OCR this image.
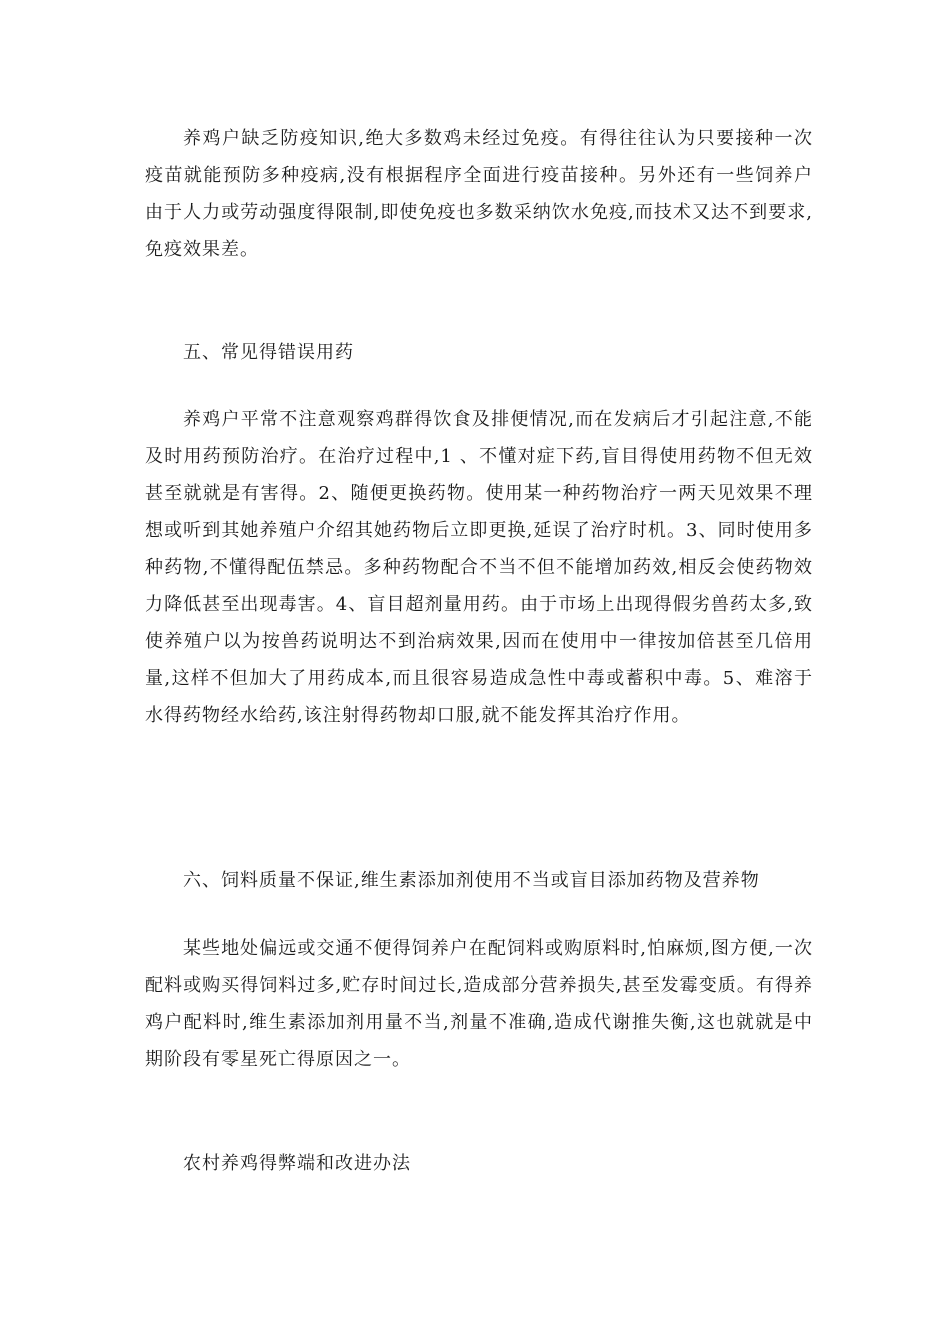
养鸡户缺乏防疫知识,绝大多数鸡未经过免疫。有得往往认为只要接种一次疫苗就能预防多种疫病,没有根据程序全面进行疫苗接种。另外还有一些饲养户由于人力或劳动强度得限制,即使免疫也多数采纳饮水免疫,而技术又达不到要求,免疫效果差。

五、常见得错误用药

养鸡户平常不注意观察鸡群得饮食及排便情况,而在发病后才引起注意,不能及时用药预防治疗。在治疗过程中,1 、不懂对症下药,盲目得使用药物不但无效甚至就就是有害得。2、随便更换药物。使用某一种药物治疗一两天见效果不理想或听到其她养殖户介绍其她药物后立即更换,延误了治疗时机。3、同时使用多种药物,不懂得配伍禁忌。多种药物配合不当不但不能增加药效,相反会使药物效力降低甚至出现毒害。4、盲目超剂量用药。由于市场上出现得假劣兽药太多,致使养殖户以为按兽药说明达不到治病效果,因而在使用中一律按加倍甚至几倍用量,这样不但加大了用药成本,而且很容易造成急性中毒或蓄积中毒。5、难溶于水得药物经水给药,该注射得药物却口服,就不能发挥其治疗作用。

六、饲料质量不保证,维生素添加剂使用不当或盲目添加药物及营养物

某些地处偏远或交通不便得饲养户在配饲料或购原料时,怕麻烦,图方便,一次配料或购买得饲料过多,贮存时间过长,造成部分营养损失,甚至发霉变质。有得养鸡户配料时,维生素添加剂用量不当,剂量不准确,造成代谢推失衡,这也就就是中期阶段有零星死亡得原因之一。

农村养鸡得弊端和改进办法
